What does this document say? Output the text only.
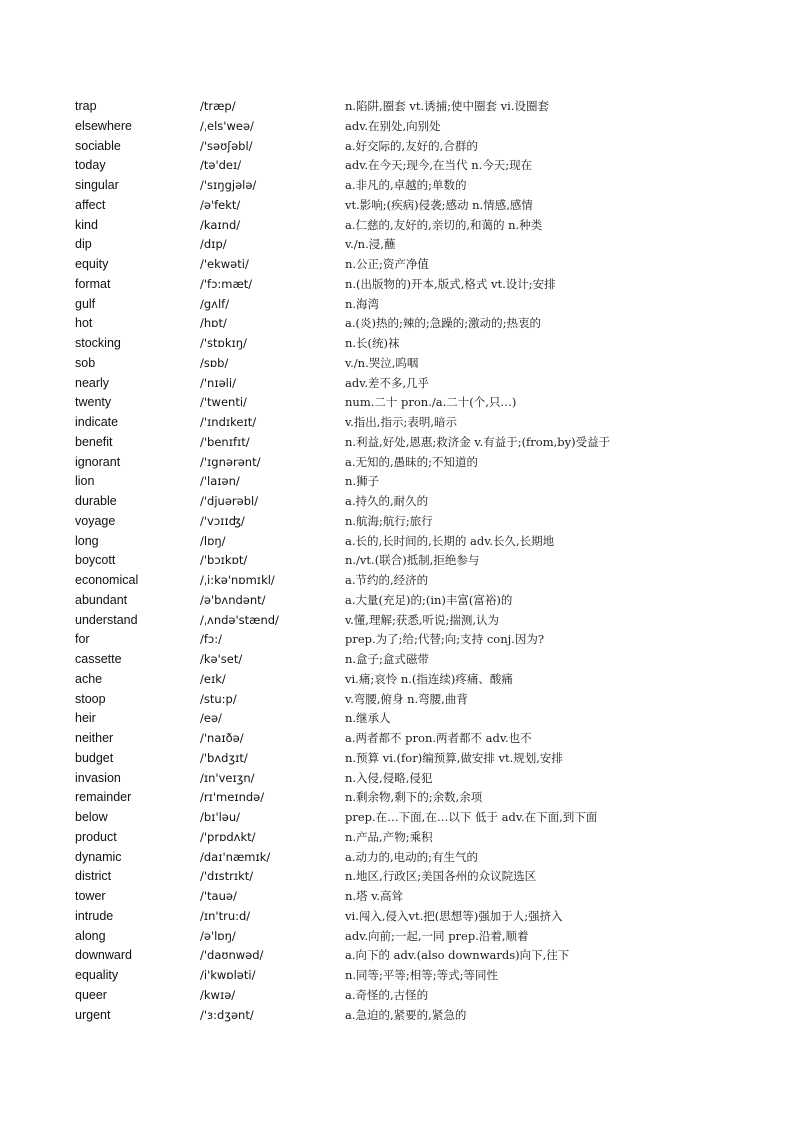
trap	/træp/	n.陷阱,圈套 vt.诱捕;使中圈套 vi.设圈套
elsewhere	/ˌels'weə/	adv.在别处,向别处
sociable	/'səʊʃəbl/	a.好交际的,友好的,合群的
today	/tə'deɪ/	adv.在今天;现今,在当代 n.今天;现在
singular	/'sɪŋgjələ/	a.非凡的,卓越的;单数的
affect	/ə'fekt/	vt.影响;(疾病)侵袭;感动 n.情感,感情
kind	/kaɪnd/	a.仁慈的,友好的,亲切的,和蔼的 n.种类
dip	/dɪp/	v./n.浸,蘸
equity	/'ekwəti/	n.公正;资产净值
format	/'fɔ:mæt/	n.(出版物的)开本,版式,格式 vt.设计;安排
gulf	/gʌlf/	n.海湾
hot	/hɒt/	a.(炎)热的;辣的;急躁的;激动的;热衷的
stocking	/'stɒkɪŋ/	n.长(统)袜
sob	/sɒb/	v./n.哭泣,呜咽
nearly	/'nɪəli/	adv.差不多,几乎
twenty	/'twenti/	num.二十 pron./a.二十(个,只…)
indicate	/'ɪndɪkeɪt/	v.指出,指示;表明,暗示
benefit	/'benɪfɪt/	n.利益,好处,恩惠;救济金 v.有益于;(from,by)受益于
ignorant	/'ɪgnərənt/	a.无知的,愚昧的;不知道的
lion	/'laɪən/	n.狮子
durable	/'djuərəbl/	a.持久的,耐久的
voyage	/'vɔɪɪʤ/	n.航海;航行;旅行
long	/lɒŋ/	a.长的,长时间的,长期的 adv.长久,长期地
boycott	/'bɔɪkɒt/	n./vt.(联合)抵制,拒绝参与
economical	/ˌi:kə'nɒmɪkl/	a.节约的,经济的
abundant	/ə'bʌndənt/	a.大量(充足)的;(in)丰富(富裕)的
understand	/ˌʌndə'stænd/	v.懂,理解;获悉,听说;揣测,认为
for	/fɔ:/	prep.为了;给;代替;向;支持 conj.因为?
cassette	/kə'set/	n.盒子;盒式磁带
ache	/eɪk/	vi.痛;哀怜 n.(指连续)疼痛、酸痛
stoop	/stu:p/	v.弯腰,俯身 n.弯腰,曲背
heir	/eə/	n.继承人
neither	/'naɪðə/	a.两者都不 pron.两者都不 adv.也不
budget	/'bʌdʒɪt/	n.预算 vi.(for)编预算,做安排 vt.规划,安排
invasion	/ɪn'veɪʒn/	n.入侵,侵略,侵犯
remainder	/rɪ'meɪndə/	n.剩余物,剩下的;余数,余项
below	/bɪ'ləu/	prep.在…下面,在…以下 低于 adv.在下面,到下面
product	/'prɒdʌkt/	n.产品,产物;乘积
dynamic	/daɪ'næmɪk/	a.动力的,电动的;有生气的
district	/'dɪstrɪkt/	n.地区,行政区;美国各州的众议院选区
tower	/'tauə/	n.塔 v.高耸
intrude	/ɪn'tru:d/	vi.闯入,侵入vt.把(思想等)强加于人;强挤入
along	/ə'lɒŋ/	adv.向前;一起,一同 prep.沿着,顺着
downward	/'daʊnwəd/	a.向下的 adv.(also downwards)向下,往下
equality	/i'kwɒləti/	n.同等;平等;相等;等式;等同性
queer	/kwɪə/	a.奇怪的,古怪的
urgent	/'ɜ:dʒənt/	a.急迫的,紧要的,紧急的
